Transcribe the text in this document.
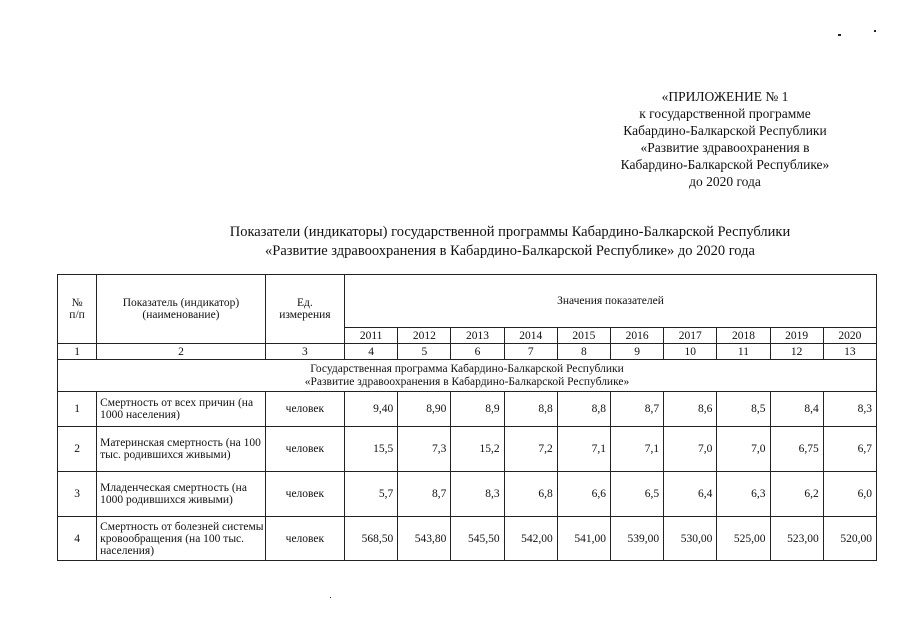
«ПРИЛОЖЕНИЕ № 1
к государственной программе
Кабардино-Балкарской Республики
«Развитие здравоохранения в
Кабардино-Балкарской Республике»
до 2020 года
Показатели (индикаторы) государственной программы Кабардино-Балкарской Республики
«Развитие здравоохранения в Кабардино-Балкарской Республике» до 2020 года
№ п/п	Показатель (индикатор) (наименование)	Ед. измерения	Значения показателей									
			2011	2012	2013	2014	2015	2016	2017	2018	2019	2020
1	2	3	4	5	6	7	8	9	10	11	12	13

Государственная программа Кабардино-Балкарской Республики
«Развитие здравоохранения в Кабардино-Балкарской Республике»												

1	Смертность от всех причин (на 1000 населения)	человек	9,40	8,90	8,9	8,8	8,8	8,7	8,6	8,5	8,4	8,3
2	Материнская смертность (на 100 тыс. родившихся живыми)	человек	15,5	7,3	15,2	7,2	7,1	7,1	7,0	7,0	6,75	6,7
3	Младенческая смертность (на 1000 родившихся живыми)	человек	5,7	8,7	8,3	6,8	6,6	6,5	6,4	6,3	6,2	6,0
4	Смертность от болезней системы кровообращения (на 100 тыс. населения)	человек	568,50	543,80	545,50	542,00	541,00	539,00	530,00	525,00	523,00	520,00
